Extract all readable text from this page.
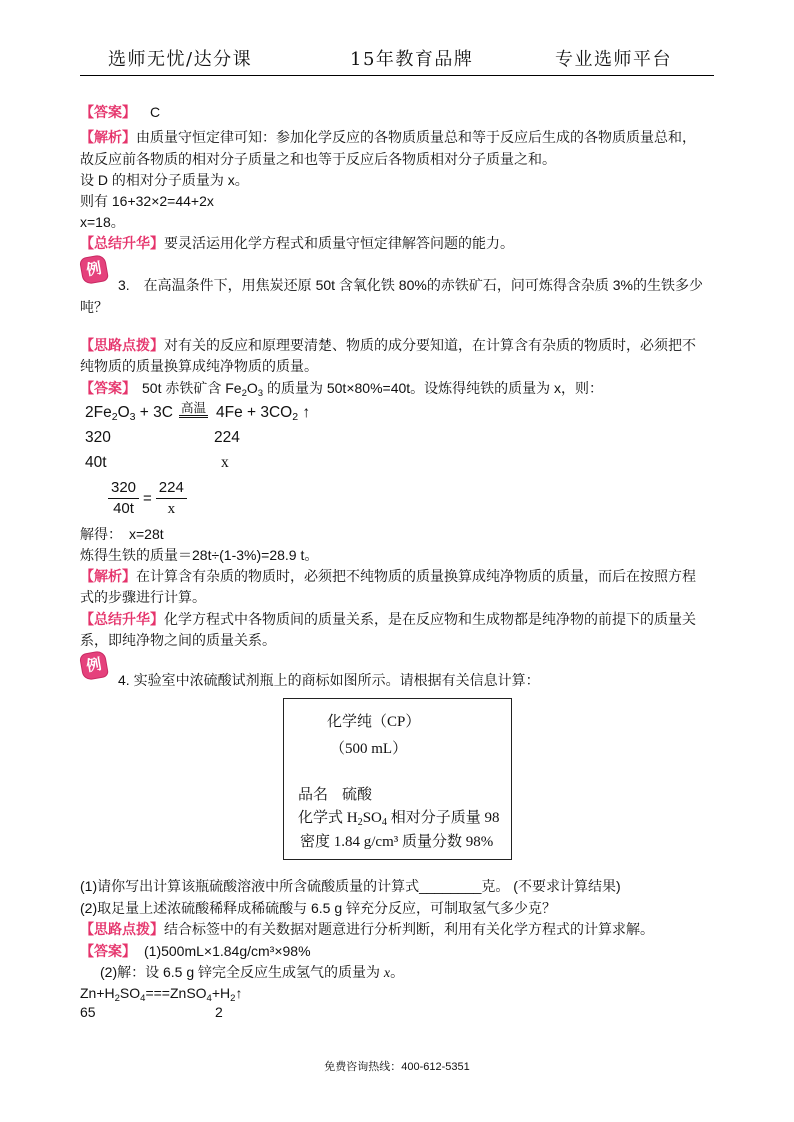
选师无忧/达分课	15年教育品牌	专业选师平台
【答案】 C
【解析】由质量守恒定律可知：参加化学反应的各物质质量总和等于反应后生成的各物质质量总和，
故反应前各物质的相对分子质量之和也等于反应后各物质相对分子质量之和。
设 D 的相对分子质量为 x。
则有 16+32×2=44+2x
x=18。
【总结升华】要灵活运用化学方程式和质量守恒定律解答问题的能力。
例
3.　在高温条件下，用焦炭还原 50t 含氧化铁 80%的赤铁矿石，问可炼得含杂质 3%的生铁多少
吨？
【思路点拨】对有关的反应和原理要清楚、物质的成分要知道，在计算含有杂质的物质时，必须把不
纯物质的质量换算成纯净物质的质量。
【答案】 50t 赤铁矿含 $Fe_2O_3$ 的质量为 50t×80%=40t。设炼得纯铁的质量为 x，则：
$2Fe_2O_3 + 3C$ 高温 $4Fe + 3CO_2$ ↑
320	224
40t	x
$\frac{320}{40t} = \frac{224}{x}$
解得：　x=28t
炼得生铁的质量＝28t÷(1-3%)=28.9 t。
【解析】在计算含有杂质的物质时，必须把不纯物质的质量换算成纯净物质的质量，而后在按照方程
式的步骤进行计算。
【总结升华】化学方程式中各物质间的质量关系，是在反应物和生成物都是纯净物的前提下的质量关
系，即纯净物之间的质量关系。
例
4. 实验室中浓硫酸试剂瓶上的商标如图所示。请根据有关信息计算：
化学纯（CP）
（500 mL）
品名 硫酸
化学式 $H_2SO_4$ 相对分子质量 98
密度 1.84 g/cm³ 质量分数 98%
(1)请你写出计算该瓶硫酸溶液中所含硫酸质量的计算式________克。 (不要求计算结果)
(2)取足量上述浓硫酸稀释成稀硫酸与 6.5 g 锌充分反应，可制取氢气多少克？
【思路点拨】结合标签中的有关数据对题意进行分析判断，利用有关化学方程式的计算求解。
【答案】 (1)500mL×1.84g/cm³×98%
(2)解：设 6.5 g 锌完全反应生成氢气的质量为 x。
$Zn+H_2SO_4===ZnSO_4+H_2↑$
65	2
免费咨询热线：400-612-5351
